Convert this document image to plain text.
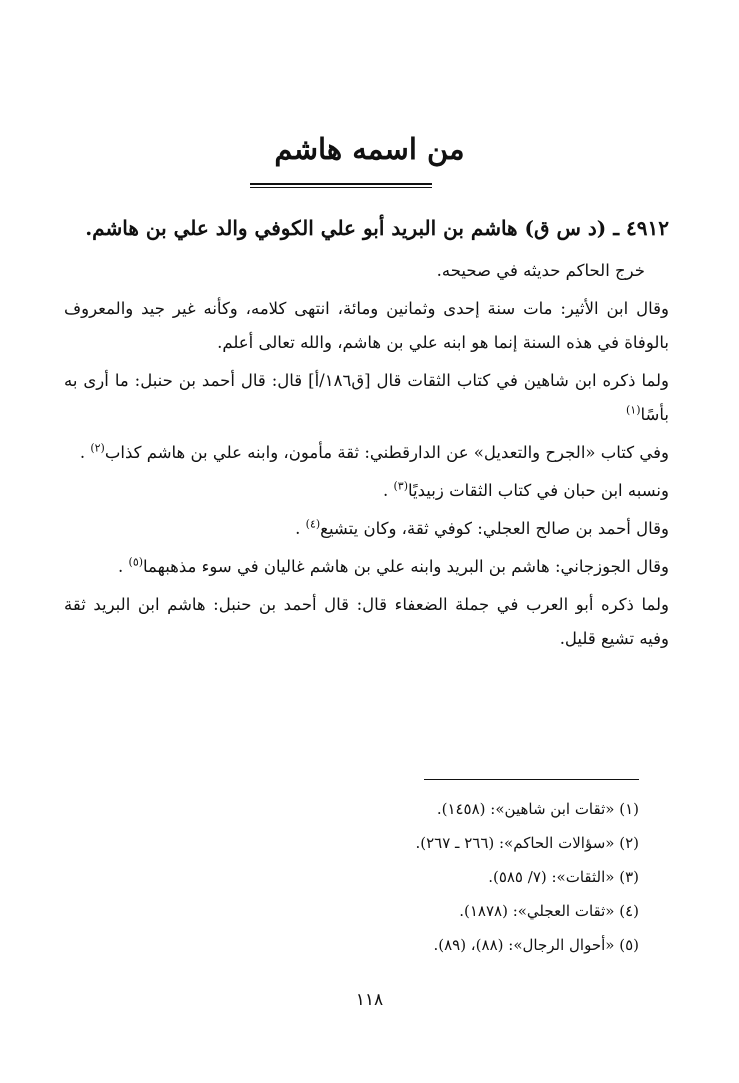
من اسمه هاشم
٤٩١٢ ـ (د س ق) هاشم بن البريد أبو علي الكوفي والد علي بن هاشم.

خرج الحاكم حديثه في صحيحه.

وقال ابن الأثير: مات سنة إحدى وثمانين ومائة، انتهى كلامه، وكأنه غير جيد والمعروف بالوفاة في هذه السنة إنما هو ابنه علي بن هاشم، والله تعالى أعلم.

ولما ذكره ابن شاهين في كتاب الثقات قال [ق١٨٦/أ] قال: قال أحمد بن حنبل: ما أرى به بأسًا$^{(١)}$

وفي كتاب «الجرح والتعديل» عن الدارقطني: ثقة مأمون، وابنه علي بن هاشم كذاب$^{(٢)}$ .

ونسبه ابن حبان في كتاب الثقات زبيديًا$^{(٣)}$ .

وقال أحمد بن صالح العجلي: كوفي ثقة، وكان يتشيع$^{(٤)}$ .

وقال الجوزجاني: هاشم بن البريد وابنه علي بن هاشم غاليان في سوء مذهبهما$^{(٥)}$ .

ولما ذكره أبو العرب في جملة الضعفاء قال: قال أحمد بن حنبل: هاشم ابن البريد ثقة وفيه تشيع قليل.

(١) «ثقات ابن شاهين»: (١٤٥٨).
(٢) «سؤالات الحاكم»: (٢٦٦ ـ ٢٦٧).
(٣) «الثقات»: (٧/ ٥٨٥).
(٤) «ثقات العجلي»: (١٨٧٨).
(٥) «أحوال الرجال»: (٨٨)، (٨٩).
١١٨
